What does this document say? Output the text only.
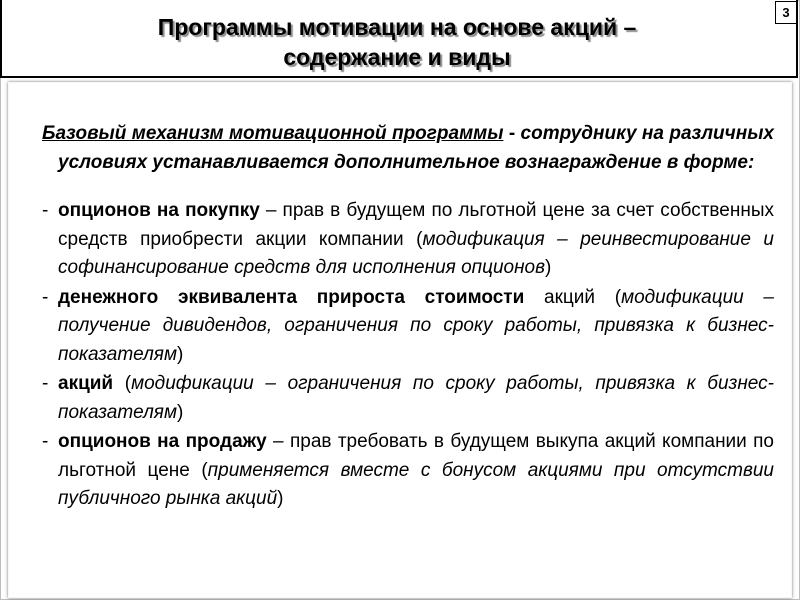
Программы мотивации на основе акций –
содержание и виды
3

Базовый механизм мотивационной программы - сотруднику на различных условиях устанавливается дополнительное вознаграждение в форме:

- опционов на покупку – прав в будущем по льготной цене за счет собственных средств приобрести акции компании (модификация – реинвестирование и софинансирование средств для исполнения опционов)
- денежного эквивалента прироста стоимости акций (модификации – получение дивидендов, ограничения по сроку работы, привязка к бизнес-показателям)
- акций (модификации – ограничения по сроку работы, привязка к бизнес-показателям)
- опционов на продажу – прав требовать в будущем выкупа акций компании по льготной цене (применяется вместе с бонусом акциями при отсутствии публичного рынка акций)
